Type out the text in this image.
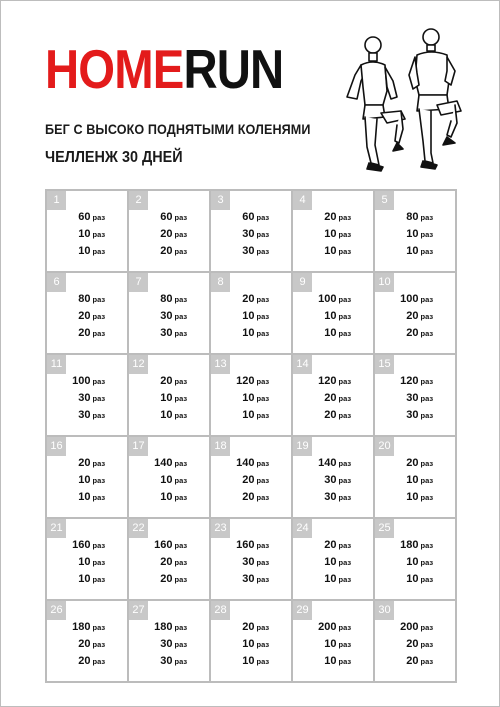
HOMERUN
БЕГ С ВЫСОКО ПОДНЯТЫМИ КОЛЕНЯМИ
ЧЕЛЛЕНЖ 30 ДНЕЙ
1
60 раз
10 раз
10 раз
2
60 раз
20 раз
20 раз
3
60 раз
30 раз
30 раз
4
20 раз
10 раз
10 раз
5
80 раз
10 раз
10 раз
6
80 раз
20 раз
20 раз
7
80 раз
30 раз
30 раз
8
20 раз
10 раз
10 раз
9
100 раз
10 раз
10 раз
10
100 раз
20 раз
20 раз
11
100 раз
30 раз
30 раз
12
20 раз
10 раз
10 раз
13
120 раз
10 раз
10 раз
14
120 раз
20 раз
20 раз
15
120 раз
30 раз
30 раз
16
20 раз
10 раз
10 раз
17
140 раз
10 раз
10 раз
18
140 раз
20 раз
20 раз
19
140 раз
30 раз
30 раз
20
20 раз
10 раз
10 раз
21
160 раз
10 раз
10 раз
22
160 раз
20 раз
20 раз
23
160 раз
30 раз
30 раз
24
20 раз
10 раз
10 раз
25
180 раз
10 раз
10 раз
26
180 раз
20 раз
20 раз
27
180 раз
30 раз
30 раз
28
20 раз
10 раз
10 раз
29
200 раз
10 раз
10 раз
30
200 раз
20 раз
20 раз
